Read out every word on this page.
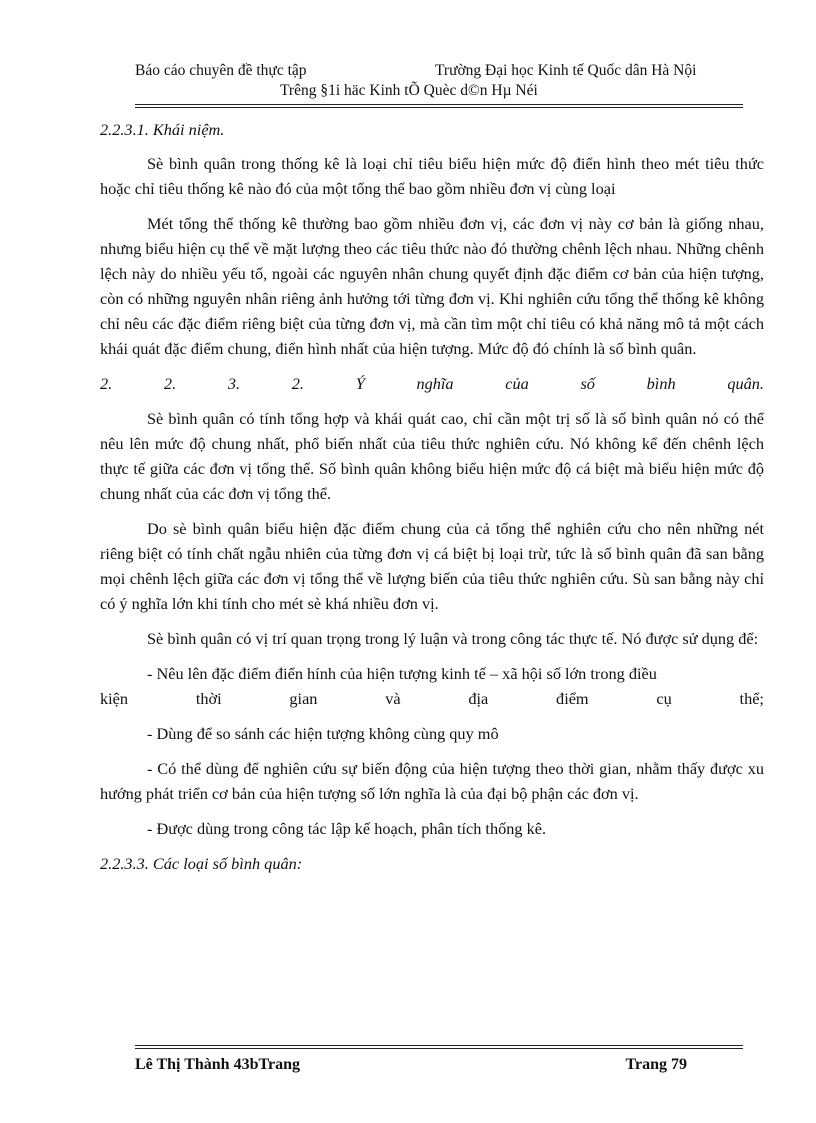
Báo cáo chuyên đề thực tập	Trường Đại học Kinh tế Quốc dân Hà Nội
Trêng §1i häc Kinh tÕ Quèc d©n Hµ Néi

2.2.3.1. Khái niệm.

Sè bình quân trong thống kê là loại chỉ tiêu biểu hiện mức độ điển hình theo mét tiêu thức hoặc chỉ tiêu thống kê nào đó của một tổng thể bao gồm nhiều đơn vị cùng loại

Mét tổng thể thống kê thường bao gồm nhiều đơn vị, các đơn vị này cơ bản là giống nhau, nhưng biểu hiện cụ thể về mặt lượng theo các tiêu thức nào đó thường chênh lệch nhau. Những chênh lệch này do nhiều yếu tố, ngoài các nguyên nhân chung quyết định đặc điểm cơ bản của hiện tượng, còn có những nguyên nhân riêng ảnh hưởng tới từng đơn vị. Khi nghiên cứu tổng thể thống kê không chỉ nêu các đặc điểm riêng biệt của từng đơn vị, mà cần tìm một chỉ tiêu có khả năng mô tả một cách khái quát đặc điểm chung, điển hình nhất của hiện tượng. Mức độ đó chính là số bình quân.

2.	2.	3.	2.	Ý	nghĩa	của	số	bình	quân.

Sè bình quân có tính tổng hợp và khái quát cao, chỉ cần một trị số là số bình quân nó có thể nêu lên mức độ chung nhất, phổ biến nhất của tiêu thức nghiên cứu. Nó không kể đến chênh lệch thực tế giữa các đơn vị tổng thể. Số bình quân không biểu hiện mức độ cá biệt mà biểu hiện mức độ chung nhất của các đơn vị tổng thể.

Do sè bình quân biểu hiện đặc điểm chung của cả tổng thể nghiên cứu cho nên những nét riêng biệt có tính chất ngẫu nhiên của từng đơn vị cá biệt bị loại trừ, tức là số bình quân đã san bằng mọi chênh lệch giữa các đơn vị tổng thể về lượng biến của tiêu thức nghiên cứu. Sù san bằng này chỉ có ý nghĩa lớn khi tính cho mét sè khá nhiều đơn vị.

Sè bình quân có vị trí quan trọng trong lý luận và trong công tác thực tế. Nó được sử dụng để:

- Nêu lên đặc điểm điển hính của hiện tượng kinh tế – xã hội số lớn trong điều

kiện	thời	gian	và	địa	điểm	cụ	thể;

- Dùng để so sánh các hiện tượng không cùng quy mô

- Có thể dùng để nghiên cứu sự biến động của hiện tượng theo thời gian, nhằm thấy được xu hướng phát triển cơ bản của hiện tượng số lớn nghĩa là của đại bộ phận các đơn vị.

- Được dùng trong công tác lập kế hoạch, phân tích thống kê.

2.2.3.3. Các loại số bình quân:

Lê Thị Thành 43bTrang	Trang 79
